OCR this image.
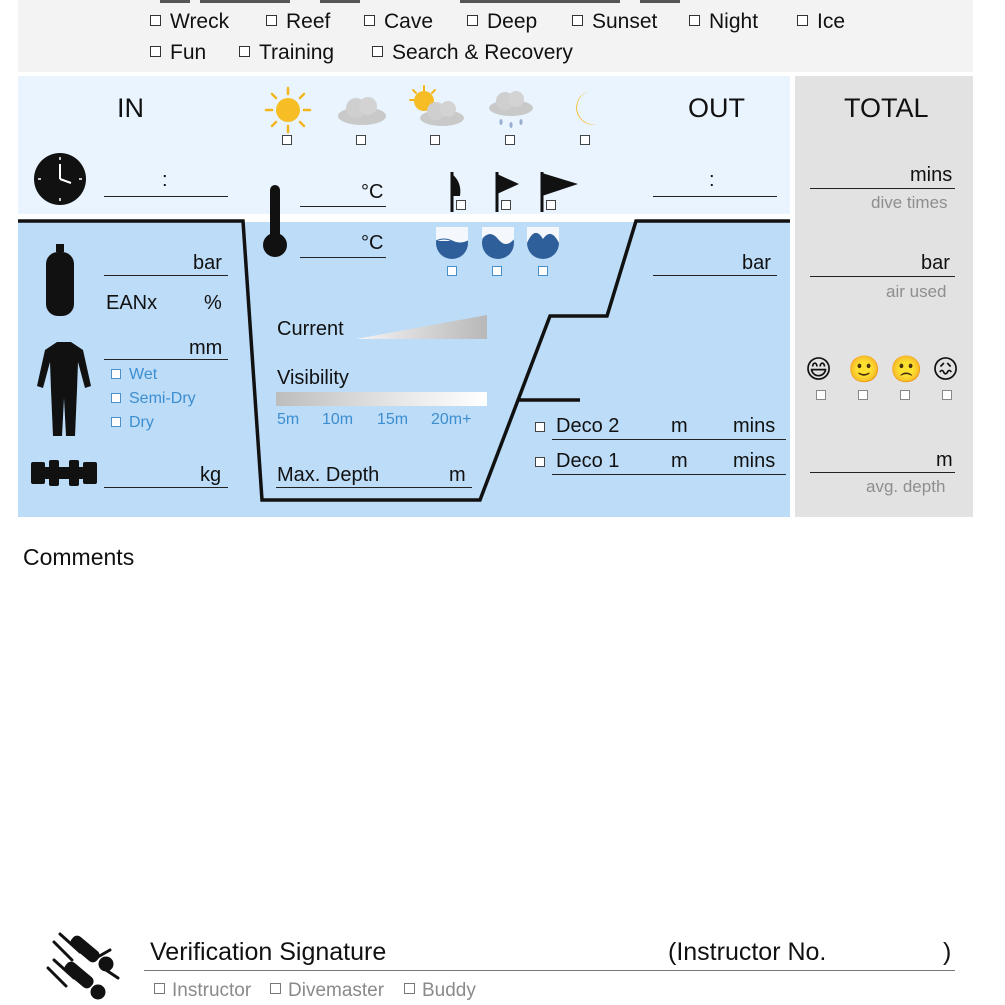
Wreck	Reef	Cave	Deep	Sunset	Night	Ice
Fun	Training	Search & Recovery
IN	OUT	TOTAL
:
°C
°C
bar
EANx %
mm
Wet
Semi-Dry
Dry
kg
Current
Visibility
5m 10m 15m 20m+
Max. Depth	m
:
bar
Deco 2	m mins
Deco 1	m mins
mins
dive times
bar
air used
😄 🙂 🙁 😖
m
avg. depth
Comments
Verification Signature	(Instructor No.	)
Instructor	Divemaster	Buddy
